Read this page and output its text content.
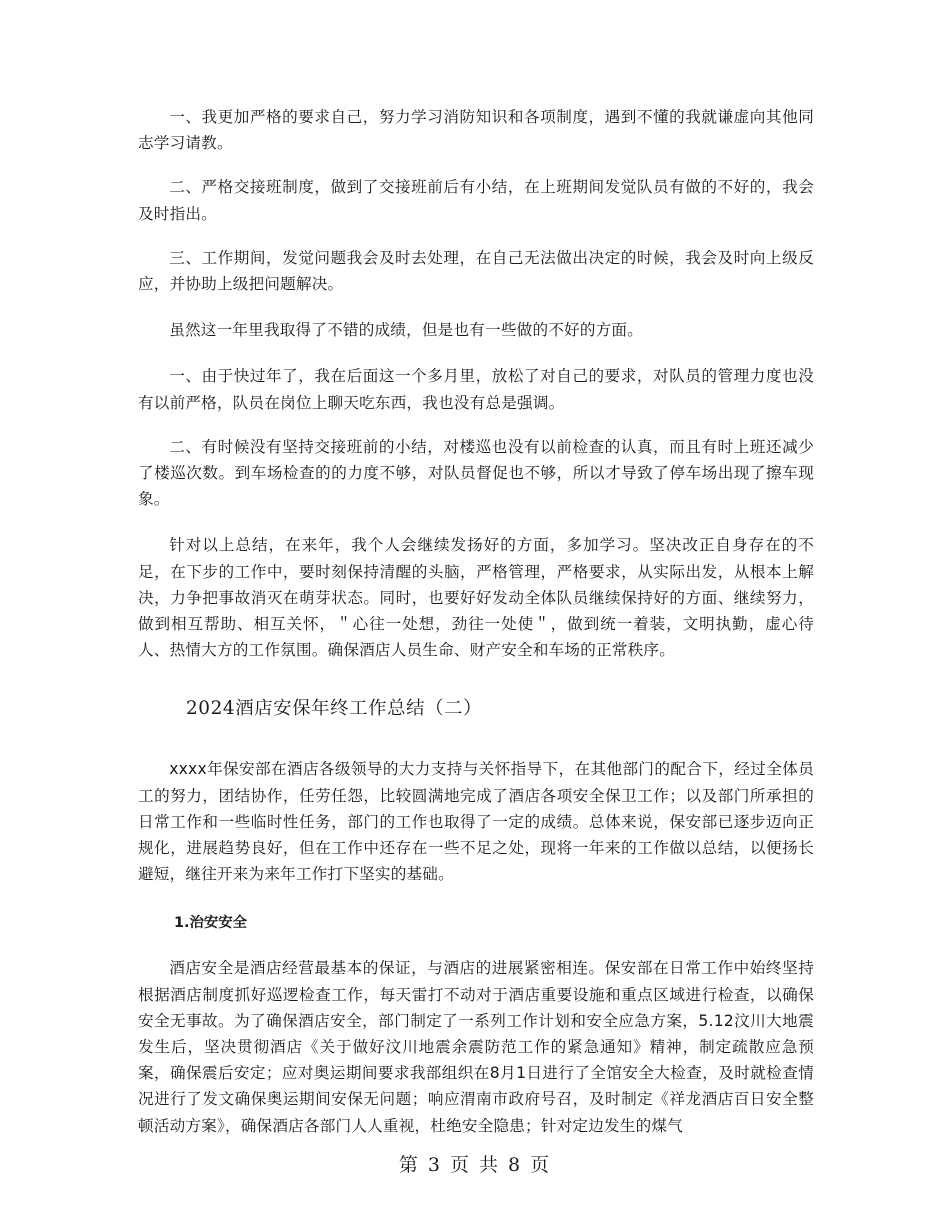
一、我更加严格的要求自己，努力学习消防知识和各项制度，遇到不懂的我就谦虚向其他同志学习请教。

二、严格交接班制度，做到了交接班前后有小结，在上班期间发觉队员有做的不好的，我会及时指出。

三、工作期间，发觉问题我会及时去处理，在自己无法做出决定的时候，我会及时向上级反应，并协助上级把问题解决。

虽然这一年里我取得了不错的成绩，但是也有一些做的不好的方面。

一、由于快过年了，我在后面这一个多月里，放松了对自己的要求，对队员的管理力度也没有以前严格，队员在岗位上聊天吃东西，我也没有总是强调。

二、有时候没有坚持交接班前的小结，对楼巡也没有以前检查的认真，而且有时上班还减少了楼巡次数。到车场检查的的力度不够，对队员督促也不够，所以才导致了停车场出现了擦车现象。

针对以上总结，在来年，我个人会继续发扬好的方面，多加学习。坚决改正自身存在的不足，在下步的工作中，要时刻保持清醒的头脑，严格管理，严格要求，从实际出发，从根本上解决，力争把事故消灭在萌芽状态。同时，也要好好发动全体队员继续保持好的方面、继续努力，做到相互帮助、相互关怀，＂心往一处想，劲往一处使＂，做到统一着装，文明执勤，虚心待人、热情大方的工作氛围。确保酒店人员生命、财产安全和车场的正常秩序。

2024酒店安保年终工作总结（二）

xxxx年保安部在酒店各级领导的大力支持与关怀指导下，在其他部门的配合下，经过全体员工的努力，团结协作，任劳任怨，比较圆满地完成了酒店各项安全保卫工作；以及部门所承担的日常工作和一些临时性任务，部门的工作也取得了一定的成绩。总体来说，保安部已逐步迈向正规化，进展趋势良好，但在工作中还存在一些不足之处，现将一年来的工作做以总结，以便扬长避短，继往开来为来年工作打下坚实的基础。

1.治安安全

酒店安全是酒店经营最基本的保证，与酒店的进展紧密相连。保安部在日常工作中始终坚持根据酒店制度抓好巡逻检查工作，每天雷打不动对于酒店重要设施和重点区域进行检查，以确保安全无事故。为了确保酒店安全，部门制定了一系列工作计划和安全应急方案，5.12汶川大地震发生后，坚决贯彻酒店《关于做好汶川地震余震防范工作的紧急通知》精神，制定疏散应急预案，确保震后安定；应对奥运期间要求我部组织在8月1日进行了全馆安全大检查，及时就检查情况进行了发文确保奥运期间安保无问题；响应渭南市政府号召，及时制定《祥龙酒店百日安全整顿活动方案》，确保酒店各部门人人重视，杜绝安全隐患；针对定边发生的煤气

第 3 页 共 8 页
